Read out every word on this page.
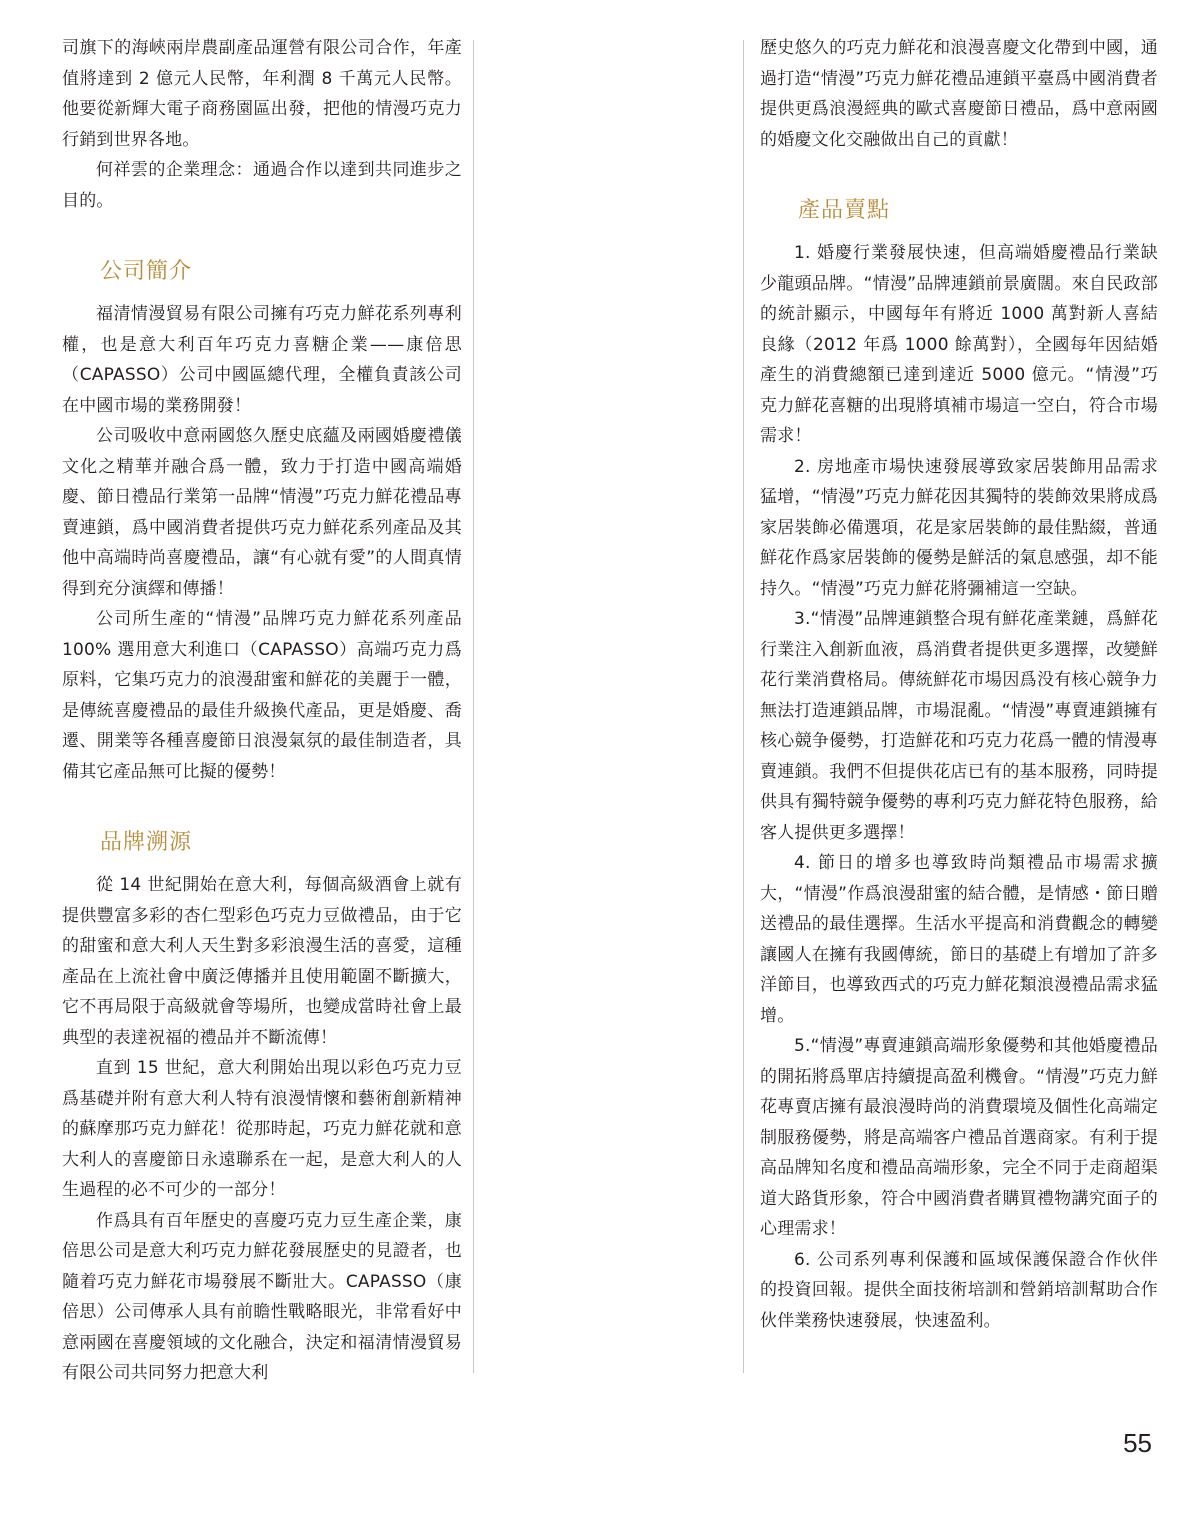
司旗下的海峽兩岸農副產品運營有限公司合作，年產值將達到 2 億元人民幣，年利潤 8 千萬元人民幣。他要從新輝大電子商務園區出發，把他的情漫巧克力行銷到世界各地。

何祥雲的企業理念：通過合作以達到共同進步之目的。

公司簡介

福清情漫貿易有限公司擁有巧克力鮮花系列專利權，也是意大利百年巧克力喜糖企業——康倍思（CAPASSO）公司中國區總代理，全權負責該公司在中國市場的業務開發！

公司吸收中意兩國悠久歷史底蘊及兩國婚慶禮儀文化之精華并融合爲一體，致力于打造中國高端婚慶、節日禮品行業第一品牌“情漫”巧克力鮮花禮品專賣連鎖，爲中國消費者提供巧克力鮮花系列產品及其他中高端時尚喜慶禮品，讓“有心就有愛”的人間真情得到充分演繹和傳播！

公司所生產的“情漫”品牌巧克力鮮花系列產品 100% 選用意大利進口（CAPASSO）高端巧克力爲原料，它集巧克力的浪漫甜蜜和鮮花的美麗于一體，是傳統喜慶禮品的最佳升級換代產品，更是婚慶、喬遷、開業等各種喜慶節日浪漫氣氛的最佳制造者，具備其它產品無可比擬的優勢！

品牌溯源

從 14 世紀開始在意大利，每個高級酒會上就有提供豐富多彩的杏仁型彩色巧克力豆做禮品，由于它的甜蜜和意大利人天生對多彩浪漫生活的喜愛，這種產品在上流社會中廣泛傳播并且使用範圍不斷擴大，它不再局限于高級就會等場所，也變成當時社會上最典型的表達祝福的禮品并不斷流傳！

直到 15 世紀，意大利開始出現以彩色巧克力豆爲基礎并附有意大利人特有浪漫情懷和藝術創新精神的蘇摩那巧克力鮮花！從那時起，巧克力鮮花就和意大利人的喜慶節日永遠聯系在一起，是意大利人的人生過程的必不可少的一部分！

作爲具有百年歷史的喜慶巧克力豆生產企業，康倍思公司是意大利巧克力鮮花發展歷史的見證者，也隨着巧克力鮮花市場發展不斷壯大。CAPASSO（康倍思）公司傳承人具有前瞻性戰略眼光，非常看好中意兩國在喜慶領域的文化融合，決定和福清情漫貿易有限公司共同努力把意大利

歷史悠久的巧克力鮮花和浪漫喜慶文化帶到中國，通過打造“情漫”巧克力鮮花禮品連鎖平臺爲中國消費者提供更爲浪漫經典的歐式喜慶節日禮品，爲中意兩國的婚慶文化交融做出自己的貢獻！

產品賣點

1. 婚慶行業發展快速，但高端婚慶禮品行業缺少龍頭品牌。“情漫”品牌連鎖前景廣闊。來自民政部的統計顯示，中國每年有將近 1000 萬對新人喜結良緣（2012 年爲 1000 餘萬對），全國每年因結婚產生的消費總額已達到達近 5000 億元。“情漫”巧克力鮮花喜糖的出現將填補市場這一空白，符合市場需求！

2. 房地產市場快速發展導致家居裝飾用品需求猛增，“情漫”巧克力鮮花因其獨特的裝飾效果將成爲家居裝飾必備選項，花是家居裝飾的最佳點綴，普通鮮花作爲家居裝飾的優勢是鮮活的氣息感强，却不能持久。“情漫”巧克力鮮花將彌補這一空缺。

3.“情漫”品牌連鎖整合現有鮮花產業鏈，爲鮮花行業注入創新血液，爲消費者提供更多選擇，改變鮮花行業消費格局。傳統鮮花市場因爲没有核心競争力無法打造連鎖品牌，市場混亂。“情漫”專賣連鎖擁有核心競争優勢，打造鮮花和巧克力花爲一體的情漫專賣連鎖。我們不但提供花店已有的基本服務，同時提供具有獨特競争優勢的專利巧克力鮮花特色服務，給客人提供更多選擇！

4. 節日的增多也導致時尚類禮品市場需求擴大，“情漫”作爲浪漫甜蜜的結合體，是情感・節日贈送禮品的最佳選擇。生活水平提高和消費觀念的轉變讓國人在擁有我國傳統，節日的基礎上有增加了許多洋節目，也導致西式的巧克力鮮花類浪漫禮品需求猛增。

5.“情漫”專賣連鎖高端形象優勢和其他婚慶禮品的開拓將爲單店持續提高盈利機會。“情漫”巧克力鮮花專賣店擁有最浪漫時尚的消費環境及個性化高端定制服務優勢，將是高端客户禮品首選商家。有利于提高品牌知名度和禮品高端形象，完全不同于走商超渠道大路貨形象，符合中國消費者購買禮物講究面子的心理需求！

6. 公司系列專利保護和區域保護保證合作伙伴的投資回報。提供全面技術培訓和營銷培訓幫助合作伙伴業務快速發展，快速盈利。

55
